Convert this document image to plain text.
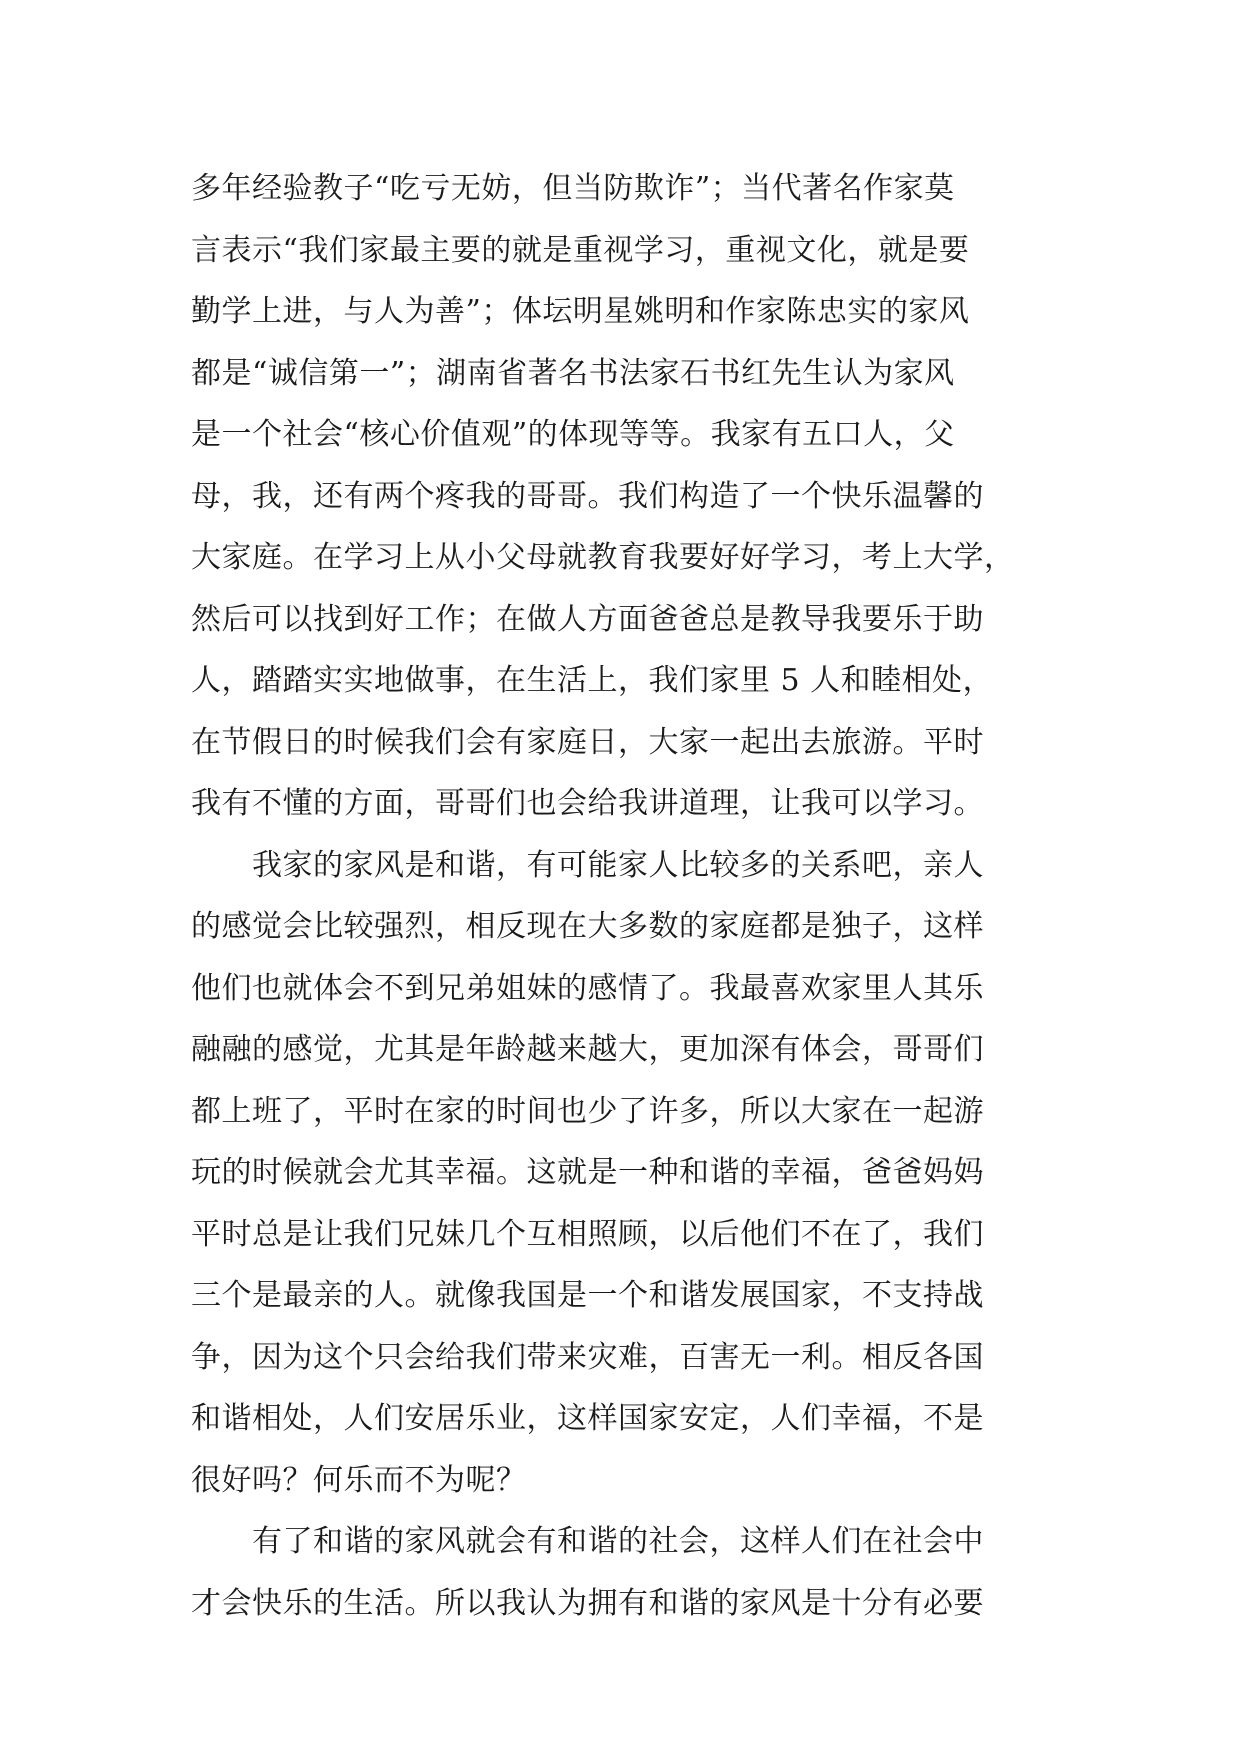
多年经验教子“吃亏无妨，但当防欺诈”；当代著名作家莫
言表示“我们家最主要的就是重视学习，重视文化，就是要
勤学上进，与人为善”；体坛明星姚明和作家陈忠实的家风
都是“诚信第一”；湖南省著名书法家石书红先生认为家风
是一个社会“核心价值观”的体现等等。我家有五口人，父
母，我，还有两个疼我的哥哥。我们构造了一个快乐温馨的
大家庭。在学习上从小父母就教育我要好好学习，考上大学，
然后可以找到好工作；在做人方面爸爸总是教导我要乐于助
人，踏踏实实地做事，在生活上，我们家里 5 人和睦相处，
在节假日的时候我们会有家庭日，大家一起出去旅游。平时
我有不懂的方面，哥哥们也会给我讲道理，让我可以学习。
　　我家的家风是和谐，有可能家人比较多的关系吧，亲人
的感觉会比较强烈，相反现在大多数的家庭都是独子，这样
他们也就体会不到兄弟姐妹的感情了。我最喜欢家里人其乐
融融的感觉，尤其是年龄越来越大，更加深有体会，哥哥们
都上班了，平时在家的时间也少了许多，所以大家在一起游
玩的时候就会尤其幸福。这就是一种和谐的幸福，爸爸妈妈
平时总是让我们兄妹几个互相照顾，以后他们不在了，我们
三个是最亲的人。就像我国是一个和谐发展国家，不支持战
争，因为这个只会给我们带来灾难，百害无一利。相反各国
和谐相处，人们安居乐业，这样国家安定，人们幸福，不是
很好吗？何乐而不为呢？
　　有了和谐的家风就会有和谐的社会，这样人们在社会中
才会快乐的生活。所以我认为拥有和谐的家风是十分有必要
